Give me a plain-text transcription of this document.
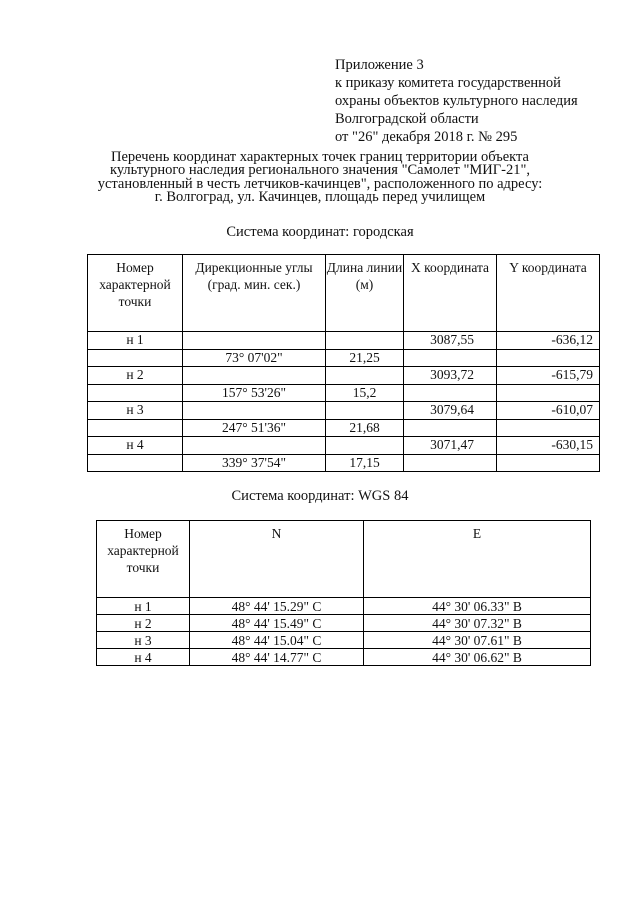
Приложение 3
к приказу комитета государственной
охраны объектов культурного наследия
Волгоградской области
от "26" декабря 2018 г. № 295
Перечень координат характерных точек границ территории объекта
культурного наследия регионального значения "Самолет "МИГ-21",
установленный в честь летчиков-качинцев", расположенного по адресу:
г. Волгоград, ул. Качинцев, площадь перед училищем
Система координат: городская
Номер характерной точки	Дирекционные углы (град. мин. сек.)	Длина линии (м)	X координата	Y координата
н 1			3087,55	-636,12
	73° 07'02"	21,25		
н 2			3093,72	-615,79
	157° 53'26"	15,2		
н 3			3079,64	-610,07
	247° 51'36"	21,68		
н 4			3071,47	-630,15
	339° 37'54"	17,15		
Система координат: WGS 84
Номер характерной точки	N	E
н 1	48° 44' 15.29" С	44° 30' 06.33" В
н 2	48° 44' 15.49" С	44° 30' 07.32" В
н 3	48° 44' 15.04" С	44° 30' 07.61" В
н 4	48° 44' 14.77" С	44° 30' 06.62" В
